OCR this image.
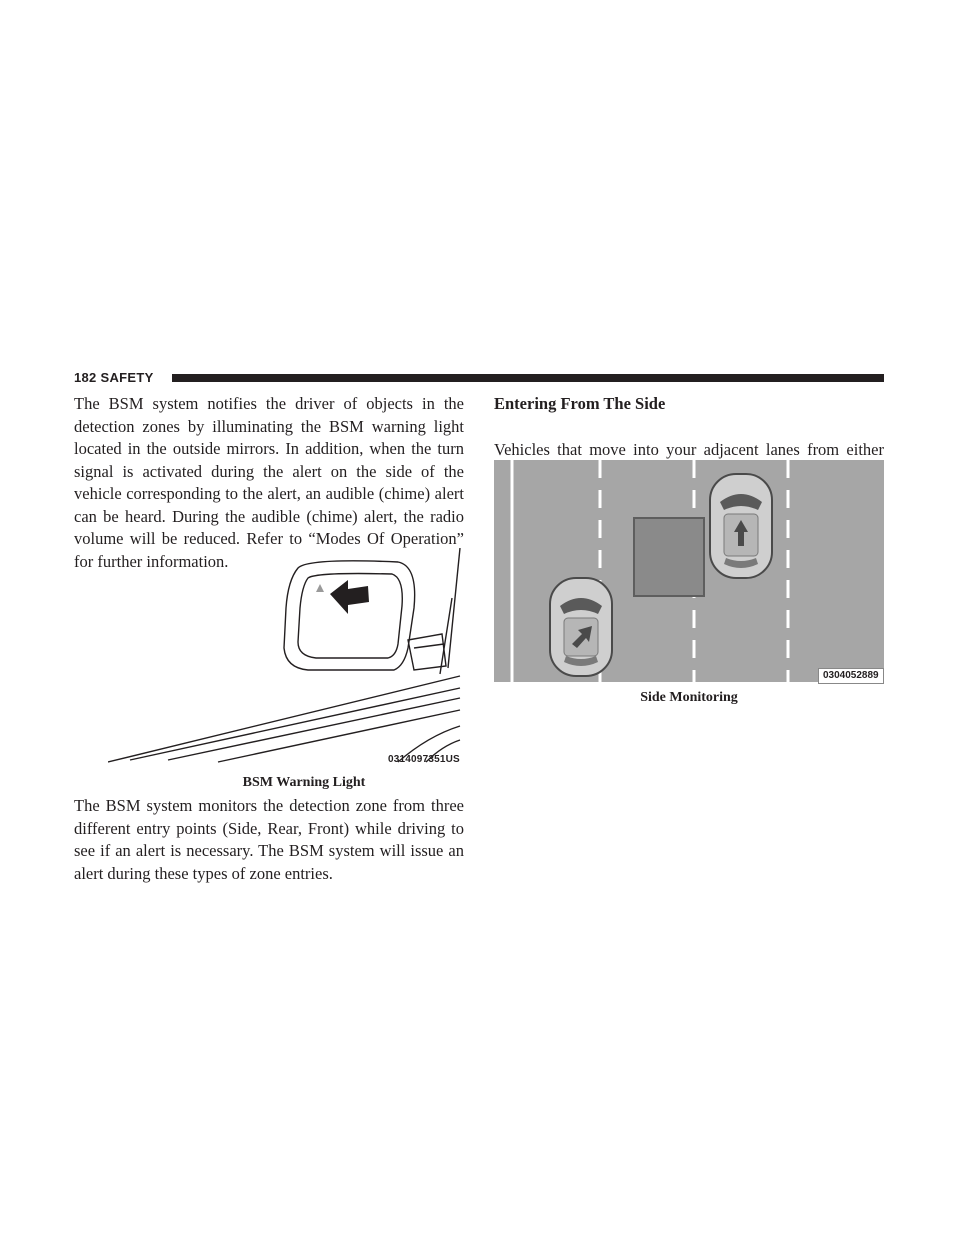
182 SAFETY

The BSM system notifies the driver of objects in the detection zones by illuminating the BSM warning light located in the outside mirrors. In addition, when the turn signal is activated during the alert on the side of the vehicle corresponding to the alert, an audible (chime) alert can be heard. During the audible (chime) alert, the radio volume will be reduced. Refer to “Modes Of Operation” for further information.

0314097351US
BSM Warning Light

The BSM system monitors the detection zone from three different entry points (Side, Rear, Front) while driving to see if an alert is necessary. The BSM system will issue an alert during these types of zone entries.

Entering From The Side

Vehicles that move into your adjacent lanes from either

0304052889
Side Monitoring
